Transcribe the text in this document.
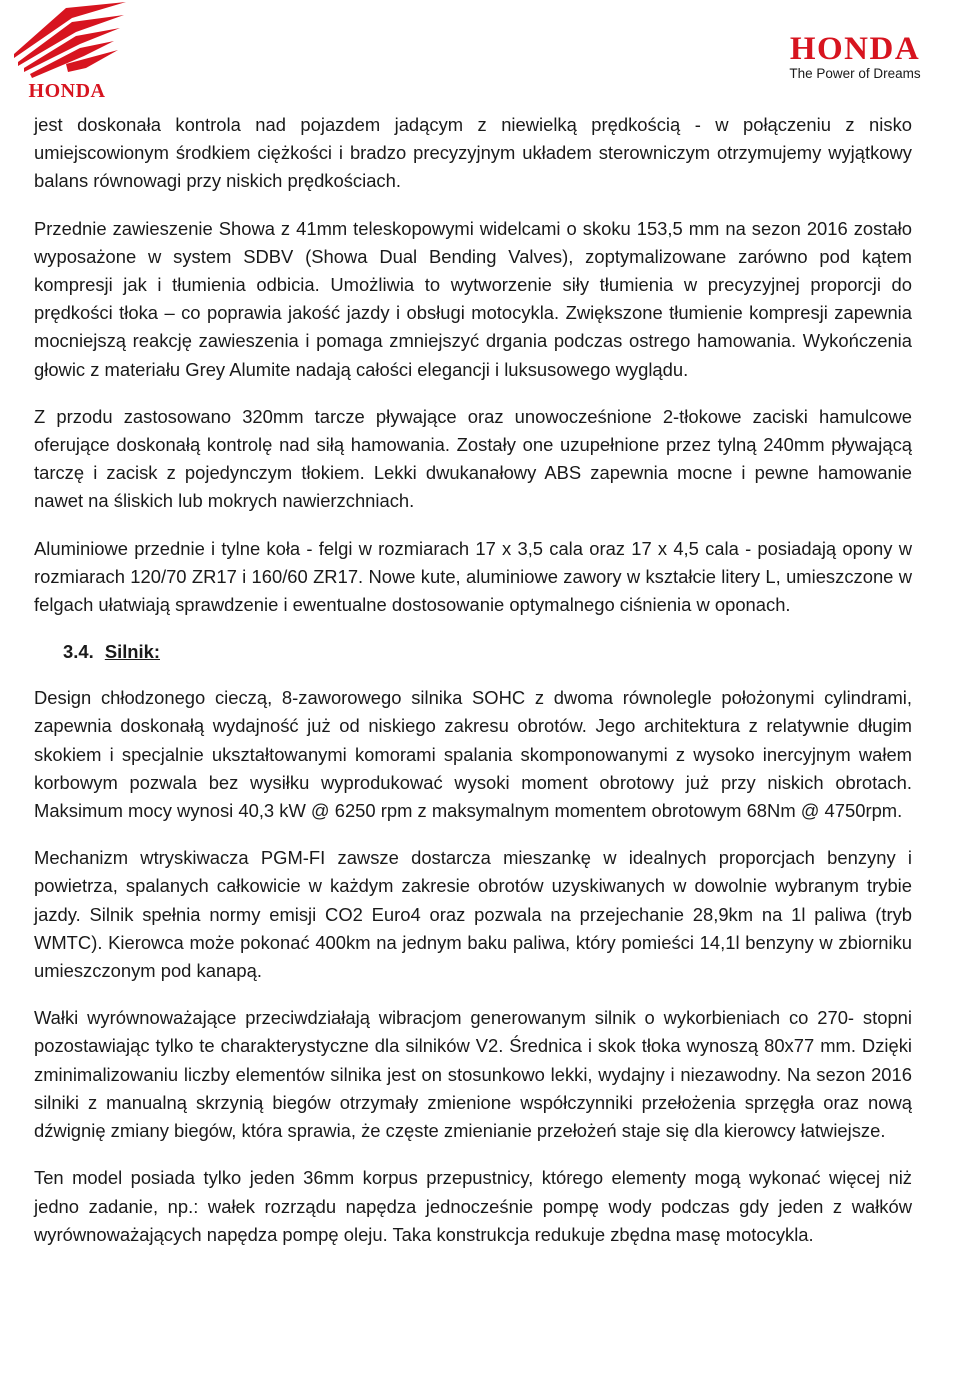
HONDA
HONDA
The Power of Dreams

jest doskonała kontrola nad pojazdem jadącym z niewielką prędkością - w połączeniu z nisko umiejscowionym środkiem ciężkości i bradzo precyzyjnym układem sterowniczym otrzymujemy wyjątkowy balans równowagi przy niskich prędkościach.

Przednie zawieszenie Showa z 41mm teleskopowymi widelcami o skoku 153,5 mm na sezon 2016 zostało wyposażone w system SDBV (Showa Dual Bending Valves), zoptymalizowane zarówno pod kątem kompresji jak i tłumienia odbicia. Umożliwia to wytworzenie siły tłumienia w precyzyjnej proporcji do prędkości tłoka – co poprawia jakość jazdy i obsługi motocykla. Zwiększone tłumienie kompresji zapewnia mocniejszą reakcję zawieszenia i pomaga zmniejszyć drgania podczas ostrego hamowania. Wykończenia głowic z materiału Grey Alumite nadają całości elegancji i luksusowego wyglądu.

Z przodu zastosowano 320mm tarcze pływające oraz unowocześnione 2-tłokowe zaciski hamulcowe oferujące doskonałą kontrolę nad siłą hamowania. Zostały one uzupełnione przez tylną 240mm pływającą tarczę i zacisk z pojedynczym tłokiem. Lekki dwukanałowy ABS zapewnia mocne i pewne hamowanie nawet na śliskich lub mokrych nawierzchniach.

Aluminiowe przednie i tylne koła - felgi w rozmiarach 17 x 3,5 cala oraz 17 x 4,5 cala - posiadają opony w rozmiarach 120/70 ZR17 i 160/60 ZR17. Nowe kute, aluminiowe zawory w kształcie litery L, umieszczone w felgach ułatwiają sprawdzenie i ewentualne dostosowanie optymalnego ciśnienia w oponach.

3.4. Silnik:

Design chłodzonego cieczą, 8-zaworowego silnika SOHC z dwoma równolegle położonymi cylindrami, zapewnia doskonałą wydajność już od niskiego zakresu obrotów. Jego architektura z relatywnie długim skokiem i specjalnie ukształtowanymi komorami spalania skomponowanymi z wysoko inercyjnym wałem korbowym pozwala bez wysiłku wyprodukować wysoki moment obrotowy już przy niskich obrotach. Maksimum mocy wynosi 40,3 kW @ 6250 rpm z maksymalnym momentem obrotowym 68Nm @ 4750rpm.

Mechanizm wtryskiwacza PGM-FI zawsze dostarcza mieszankę w idealnych proporcjach benzyny i powietrza, spalanych całkowicie w każdym zakresie obrotów uzyskiwanych w dowolnie wybranym trybie jazdy. Silnik spełnia normy emisji CO2 Euro4 oraz pozwala na przejechanie 28,9km na 1l paliwa (tryb WMTC). Kierowca może pokonać 400km na jednym baku paliwa, który pomieści 14,1l benzyny w zbiorniku umieszczonym pod kanapą.

Wałki wyrównoważające przeciwdziałają wibracjom generowanym silnik o wykorbieniach co 270- stopni pozostawiając tylko te charakterystyczne dla silników V2. Średnica i skok tłoka wynoszą 80x77 mm. Dzięki zminimalizowaniu liczby elementów silnika jest on stosunkowo lekki, wydajny i niezawodny. Na sezon 2016 silniki z manualną skrzynią biegów otrzymały zmienione współczynniki przełożenia sprzęgła oraz nową dźwignię zmiany biegów, która sprawia, że częste zmienianie przełożeń staje się dla kierowcy łatwiejsze.

Ten model posiada tylko jeden 36mm korpus przepustnicy, którego elementy mogą wykonać więcej niż jedno zadanie, np.: wałek rozrządu napędza jednocześnie pompę wody podczas gdy jeden z wałków wyrównoważających napędza pompę oleju. Taka konstrukcja redukuje zbędna masę motocykla.
